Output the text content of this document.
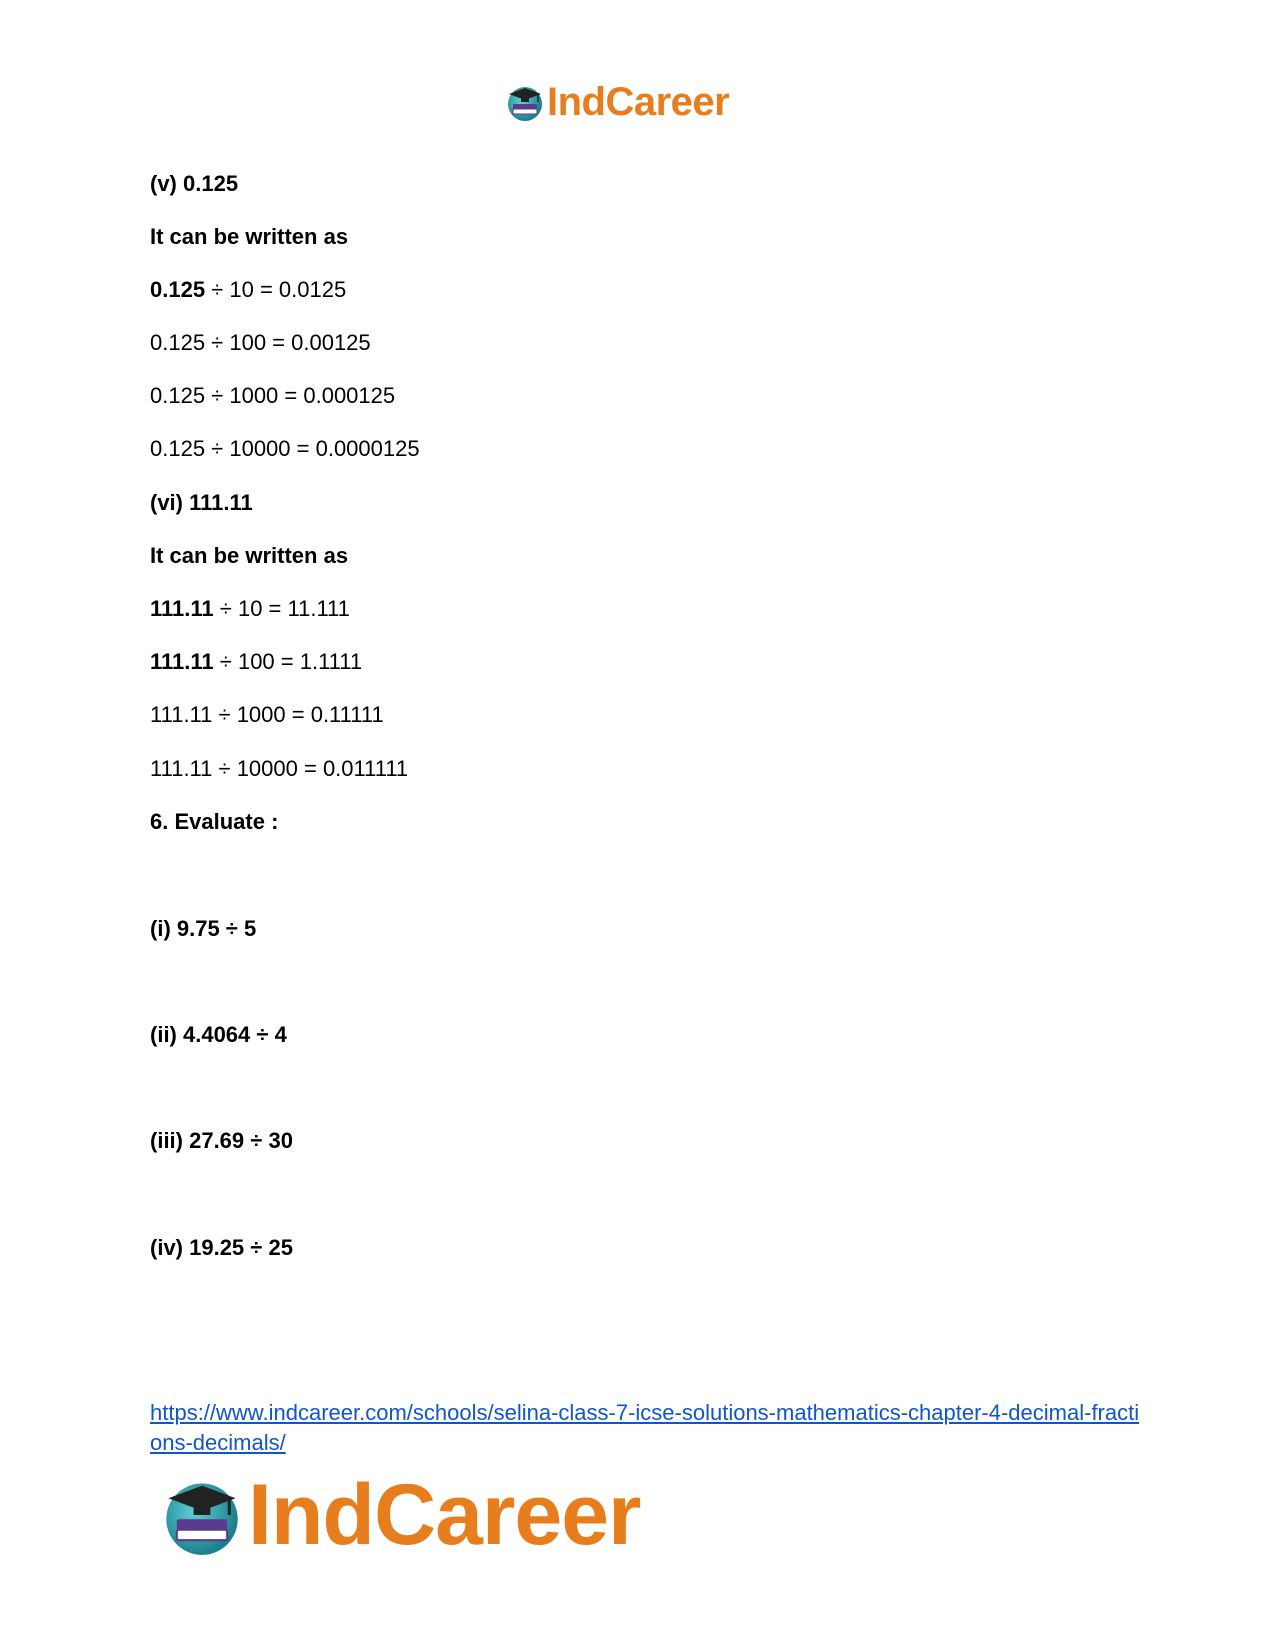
IndCareer
(v) 0.125
It can be written as
0.125 ÷ 10 = 0.0125
0.125 ÷ 100 = 0.00125
0.125 ÷ 1000 = 0.000125
0.125 ÷ 10000 = 0.0000125
(vi) 111.11
It can be written as
111.11 ÷ 10 = 11.111
111.11 ÷ 100 = 1.1111
111.11 ÷ 1000 = 0.11111
111.11 ÷ 10000 = 0.011111
6. Evaluate :
(i) 9.75 ÷ 5
(ii) 4.4064 ÷ 4
(iii) 27.69 ÷ 30
(iv) 19.25 ÷ 25
https://www.indcareer.com/schools/selina-class-7-icse-solutions-mathematics-chapter-4-decimal-fractions-decimals/
IndCareer
